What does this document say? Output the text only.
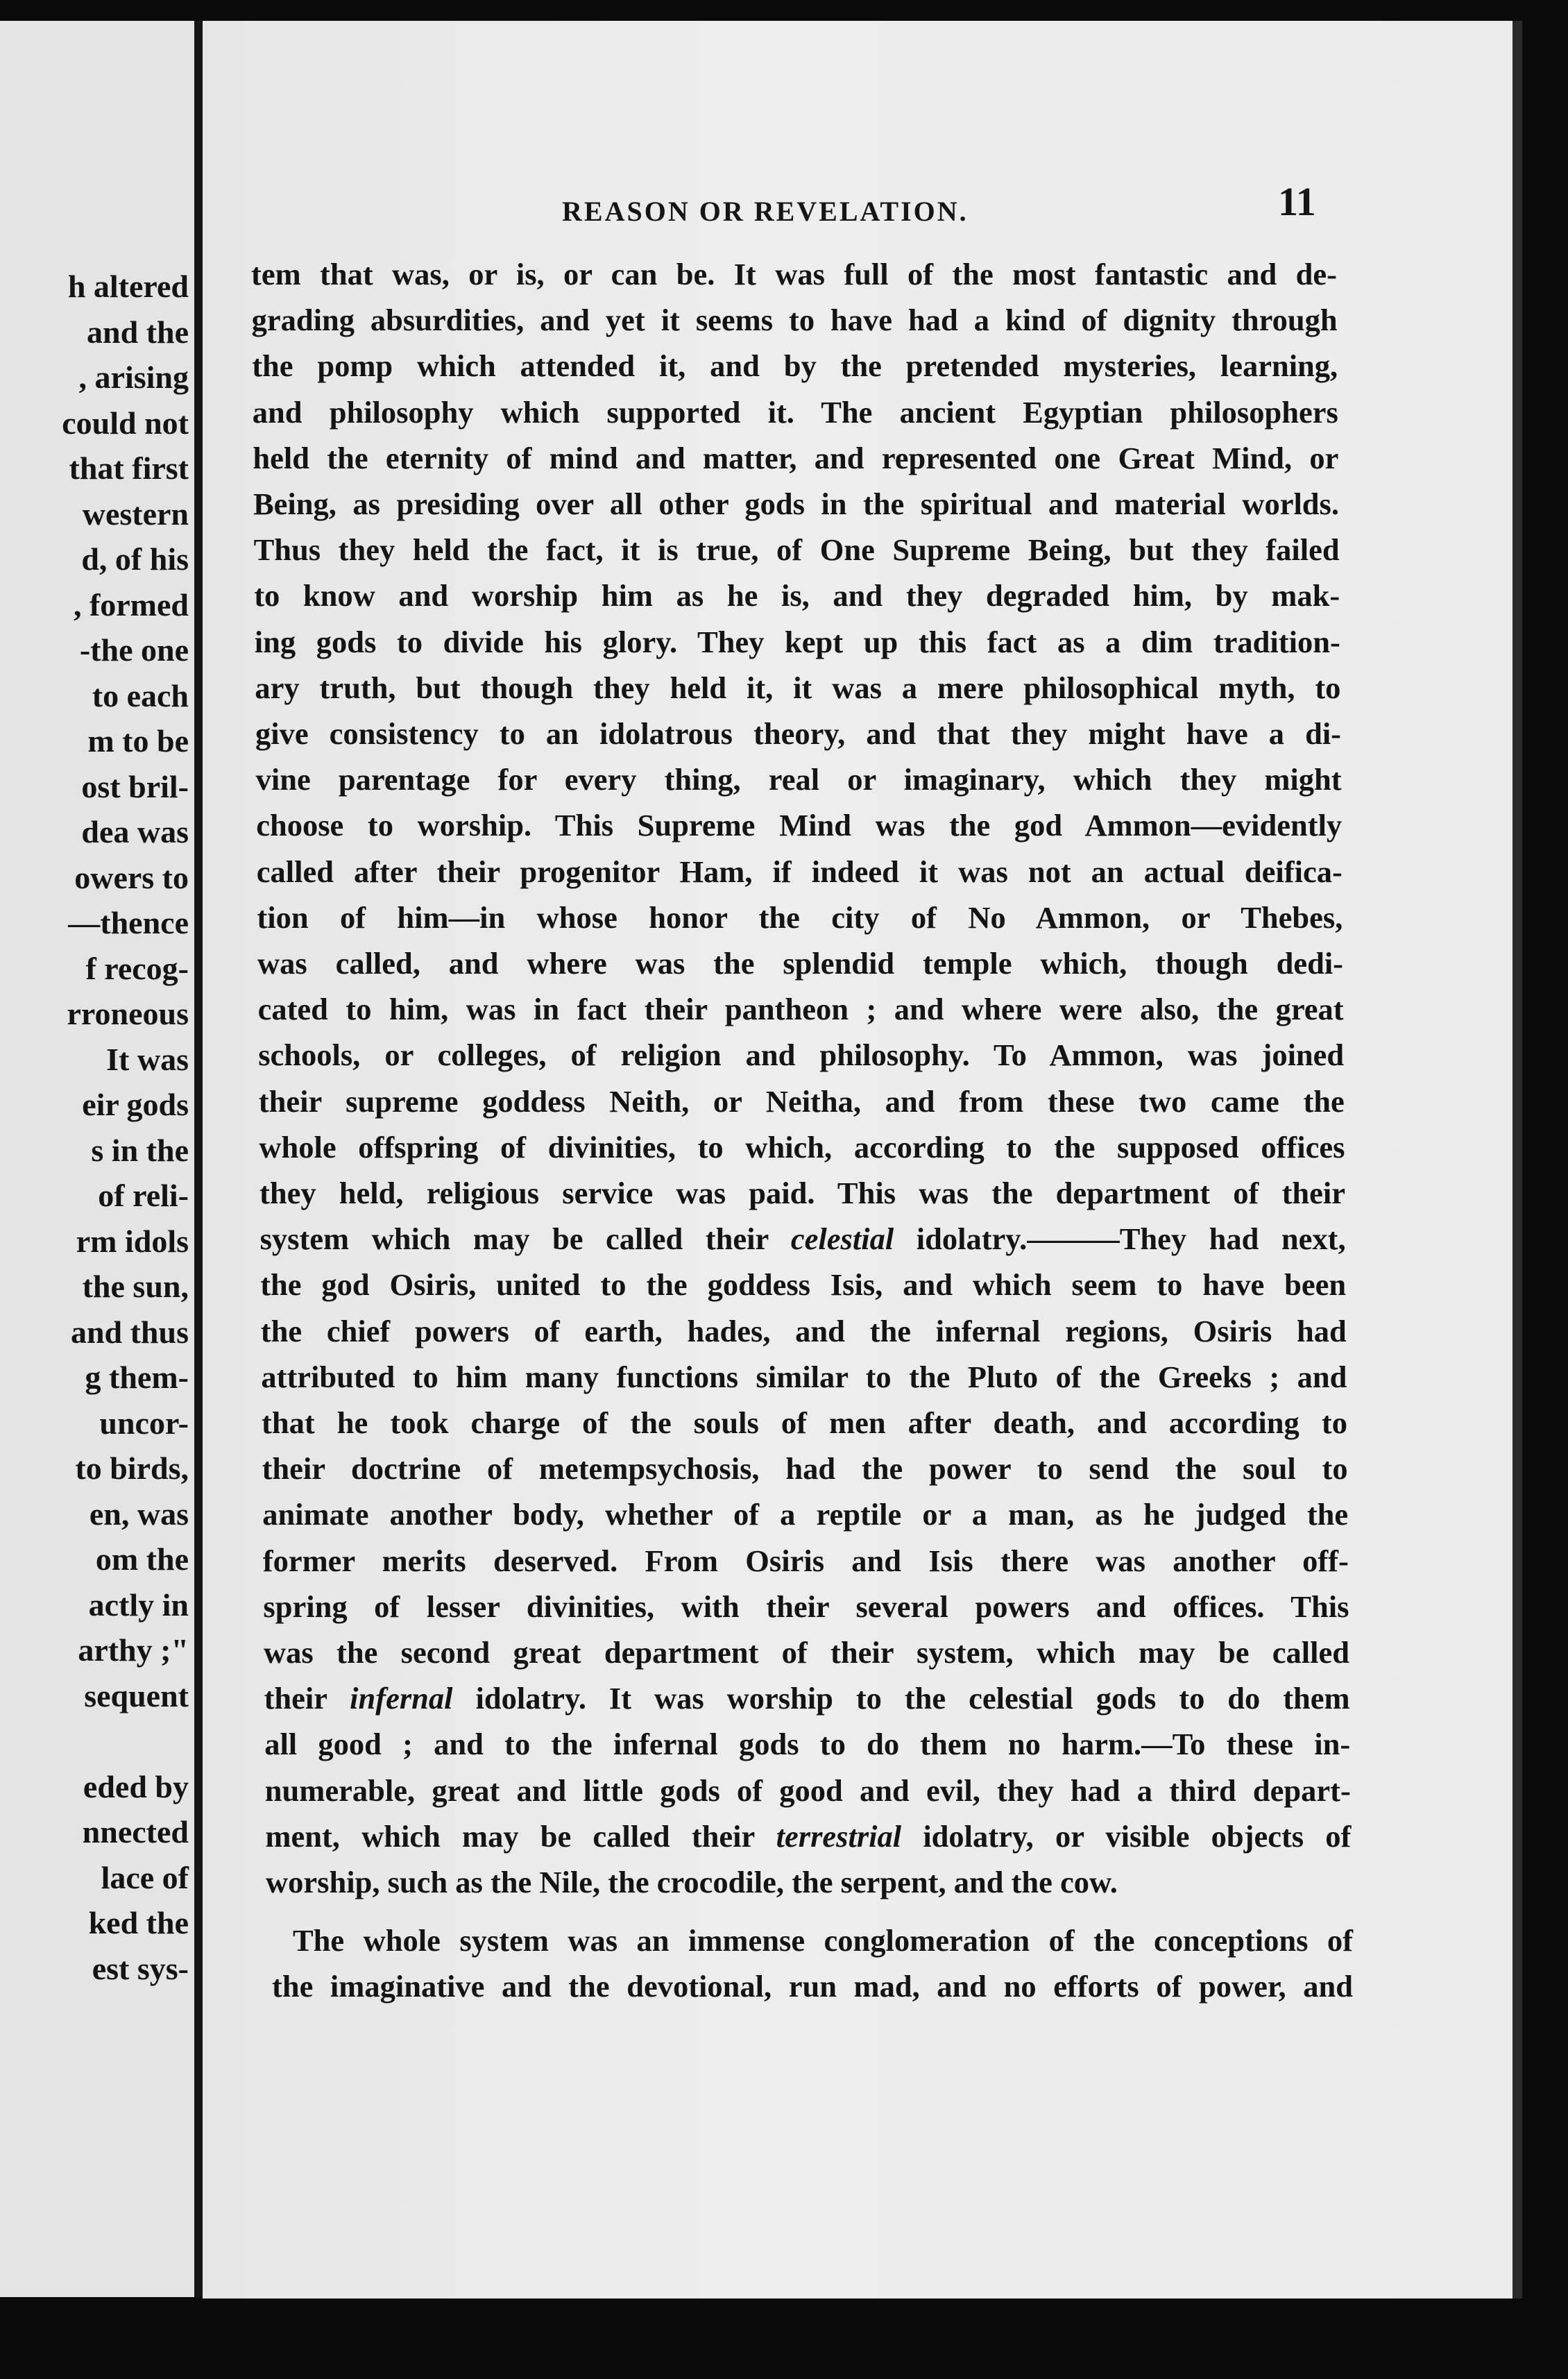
h altered
and the
, arising
could not
that first
western
d, of his
, formed
-the one
to each
m to be
ost bril-
dea was
owers to
—thence
f recog-
rroneous
It was
eir gods
s in the
of reli-
rm idols
the sun,
and thus
g them-
uncor-
to birds,
en, was
om the
actly in
arthy ;"
sequent
eded by
nnected
lace of
ked the
est sys-
REASON OR REVELATION.	11
tem that was, or is, or can be. It was full of the most fantastic and de-
grading absurdities, and yet it seems to have had a kind of dignity through
the pomp which attended it, and by the pretended mysteries, learning,
and philosophy which supported it. The ancient Egyptian philosophers
held the eternity of mind and matter, and represented one Great Mind, or
Being, as presiding over all other gods in the spiritual and material worlds.
Thus they held the fact, it is true, of One Supreme Being, but they failed
to know and worship him as he is, and they degraded him, by mak-
ing gods to divide his glory. They kept up this fact as a dim tradition-
ary truth, but though they held it, it was a mere philosophical myth, to
give consistency to an idolatrous theory, and that they might have a di-
vine parentage for every thing, real or imaginary, which they might
choose to worship. This Supreme Mind was the god Ammon—evidently
called after their progenitor Ham, if indeed it was not an actual deifica-
tion of him—in whose honor the city of No Ammon, or Thebes,
was called, and where was the splendid temple which, though dedi-
cated to him, was in fact their pantheon ; and where were also, the great
schools, or colleges, of religion and philosophy. To Ammon, was joined
their supreme goddess Neith, or Neitha, and from these two came the
whole offspring of divinities, to which, according to the supposed offices
they held, religious service was paid. This was the department of their
system which may be called their celestial idolatry.———They had next,
the god Osiris, united to the goddess Isis, and which seem to have been
the chief powers of earth, hades, and the infernal regions, Osiris had
attributed to him many functions similar to the Pluto of the Greeks ; and
that he took charge of the souls of men after death, and according to
their doctrine of metempsychosis, had the power to send the soul to
animate another body, whether of a reptile or a man, as he judged the
former merits deserved. From Osiris and Isis there was another off-
spring of lesser divinities, with their several powers and offices. This
was the second great department of their system, which may be called
their infernal idolatry. It was worship to the celestial gods to do them
all good ; and to the infernal gods to do them no harm.—To these in-
numerable, great and little gods of good and evil, they had a third depart-
ment, which may be called their terrestrial idolatry, or visible objects of
worship, such as the Nile, the crocodile, the serpent, and the cow.
The whole system was an immense conglomeration of the conceptions of
the imaginative and the devotional, run mad, and no efforts of power, and
